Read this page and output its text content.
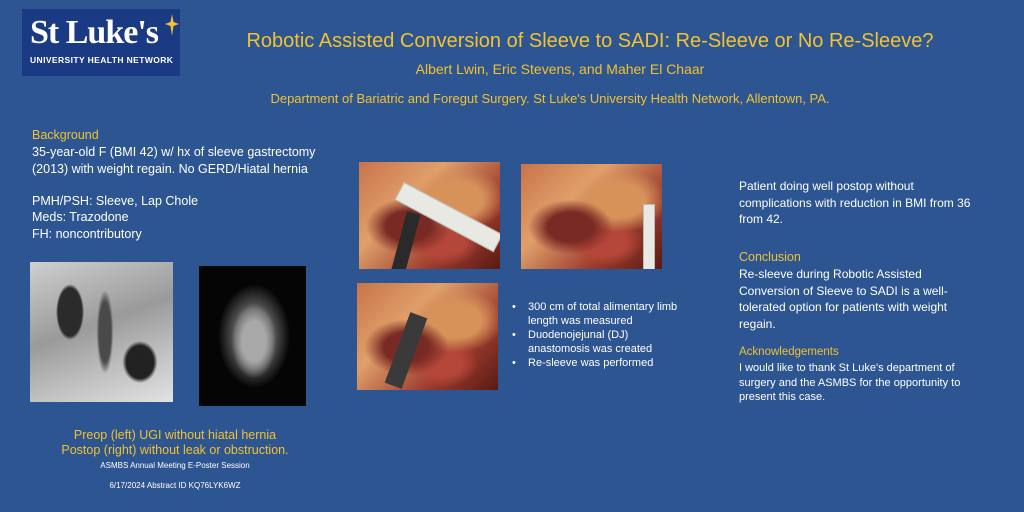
St Luke's
UNIVERSITY HEALTH NETWORK
Robotic Assisted Conversion of Sleeve to SADI: Re-Sleeve or No Re-Sleeve?
Albert Lwin, Eric Stevens, and Maher El Chaar
Department of Bariatric and Foregut Surgery. St Luke's University Health Network, Allentown, PA.
Background
35-year-old F (BMI 42) w/ hx of sleeve gastrectomy (2013) with weight regain. No GERD/Hiatal hernia
PMH/PSH: Sleeve, Lap Chole
Meds: Trazodone
FH: noncontributory
• 300 cm of total alimentary limb length was measured
• Duodenojejunal (DJ) anastomosis was created
• Re-sleeve was performed
Preop (left) UGI without hiatal hernia
Postop (right) without leak or obstruction.
ASMBS Annual Meeting E-Poster Session
6/17/2024 Abstract ID KQ76LYK6WZ
Patient doing well postop without complications with reduction in BMI from 36 from 42.
Conclusion
Re-sleeve during Robotic Assisted Conversion of Sleeve to SADI is a well-tolerated option for patients with weight regain.
Acknowledgements
I would like to thank St Luke's department of surgery and the ASMBS for the opportunity to present this case.
